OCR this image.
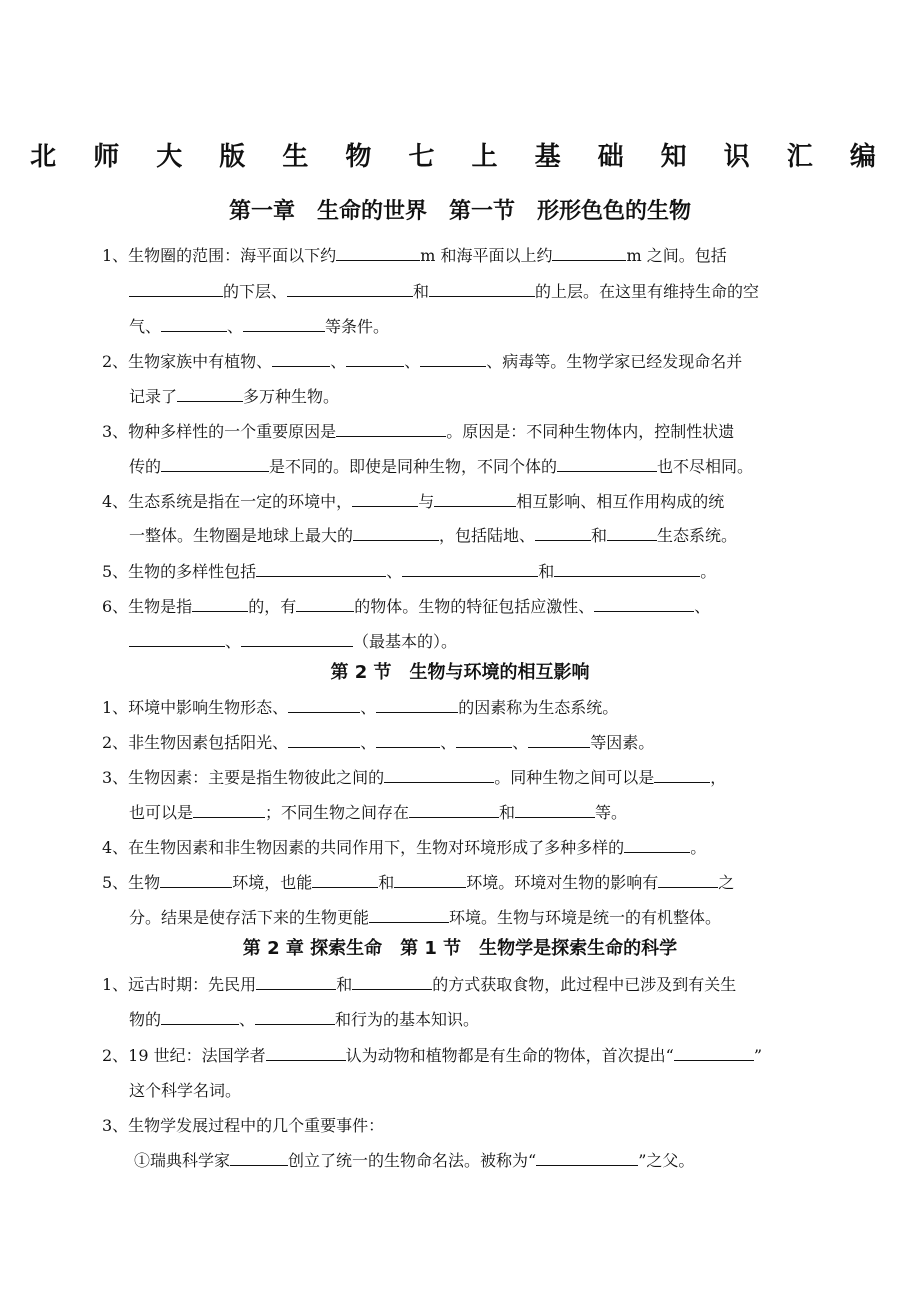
北 师 大 版 生 物 七 上 基 础 知 识 汇 编
第一章　生命的世界　第一节　形形色色的生物

1、生物圈的范围：海平面以下约	m 和海平面以上约	m 之间。包括

的下层、	和	的上层。在这里有维持生命的空

气、	、	等条件。

2、生物家族中有植物、	、	、	、病毒等。生物学家已经发现命名并

记录了	多万种生物。

3、物种多样性的一个重要原因是	。原因是：不同种生物体内，控制性状遗

传的	是不同的。即使是同种生物，不同个体的	也不尽相同。

4、生态系统是指在一定的环境中，	与	相互影响、相互作用构成的统

一整体。生物圈是地球上最大的	，包括陆地、	和	生态系统。

5、生物的多样性包括	、	和	。

6、生物是指	的，有	的物体。生物的特征包括应激性、	、

、	（最基本的）。

第 2 节　生物与环境的相互影响

1、环境中影响生物形态、	、	的因素称为生态系统。

2、非生物因素包括阳光、	、	、	、	等因素。

3、生物因素：主要是指生物彼此之间的	。同种生物之间可以是	，

也可以是	；不同生物之间存在	和	等。

4、在生物因素和非生物因素的共同作用下，生物对环境形成了多种多样的	。

5、生物	环境，也能	和	环境。环境对生物的影响有	之

分。结果是使存活下来的生物更能	环境。生物与环境是统一的有机整体。

第 2 章 探索生命　第 1 节　生物学是探索生命的科学

1、远古时期：先民用	和	的方式获取食物，此过程中已涉及到有关生

物的	、	和行为的基本知识。

2、19 世纪：法国学者	认为动物和植物都是有生命的物体，首次提出“	”

这个科学名词。

3、生物学发展过程中的几个重要事件：

①瑞典科学家	创立了统一的生物命名法。被称为“	”之父。
